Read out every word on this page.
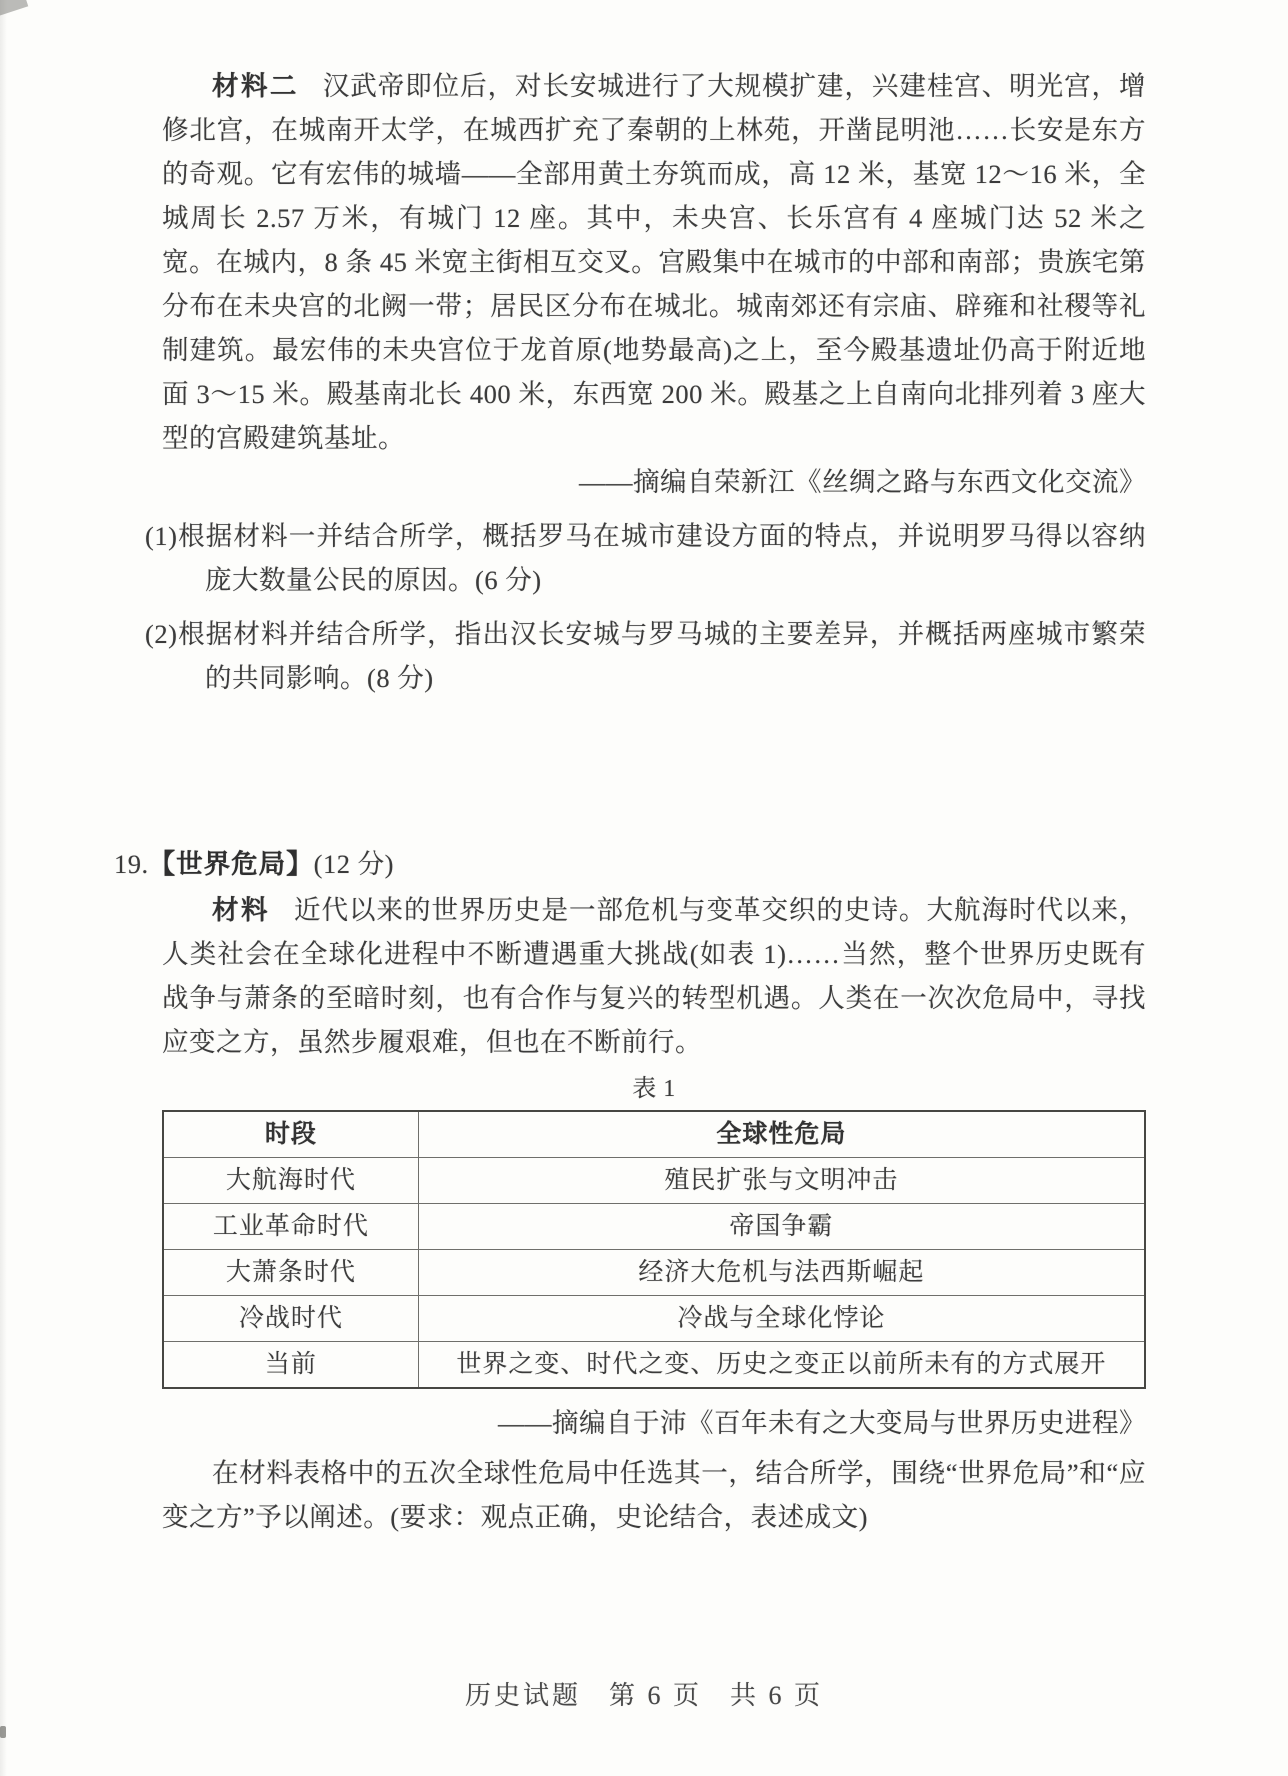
材料二 汉武帝即位后，对长安城进行了大规模扩建，兴建桂宫、明光宫，增修北宫，在城南开太学，在城西扩充了秦朝的上林苑，开凿昆明池……长安是东方的奇观。它有宏伟的城墙——全部用黄土夯筑而成，高 12 米，基宽 12～16 米，全城周长 2.57 万米，有城门 12 座。其中，未央宫、长乐宫有 4 座城门达 52 米之宽。在城内，8 条 45 米宽主街相互交叉。宫殿集中在城市的中部和南部；贵族宅第分布在未央宫的北阙一带；居民区分布在城北。城南郊还有宗庙、辟雍和社稷等礼制建筑。最宏伟的未央宫位于龙首原(地势最高)之上，至今殿基遗址仍高于附近地面 3～15 米。殿基南北长 400 米，东西宽 200 米。殿基之上自南向北排列着 3 座大型的宫殿建筑基址。

——摘编自荣新江《丝绸之路与东西文化交流》

(1)根据材料一并结合所学，概括罗马在城市建设方面的特点，并说明罗马得以容纳庞大数量公民的原因。(6 分)

(2)根据材料并结合所学，指出汉长安城与罗马城的主要差异，并概括两座城市繁荣的共同影响。(8 分)

19.【世界危局】(12 分)

材料 近代以来的世界历史是一部危机与变革交织的史诗。大航海时代以来，人类社会在全球化进程中不断遭遇重大挑战(如表 1)……当然，整个世界历史既有战争与萧条的至暗时刻，也有合作与复兴的转型机遇。人类在一次次危局中，寻找应变之方，虽然步履艰难，但也在不断前行。

表 1

时段	全球性危局
大航海时代	殖民扩张与文明冲击
工业革命时代	帝国争霸
大萧条时代	经济大危机与法西斯崛起
冷战时代	冷战与全球化悖论
当前	世界之变、时代之变、历史之变正以前所未有的方式展开

——摘编自于沛《百年未有之大变局与世界历史进程》

在材料表格中的五次全球性危局中任选其一，结合所学，围绕“世界危局”和“应变之方”予以阐述。(要求：观点正确，史论结合，表述成文)

历史试题 第 6 页 共 6 页
